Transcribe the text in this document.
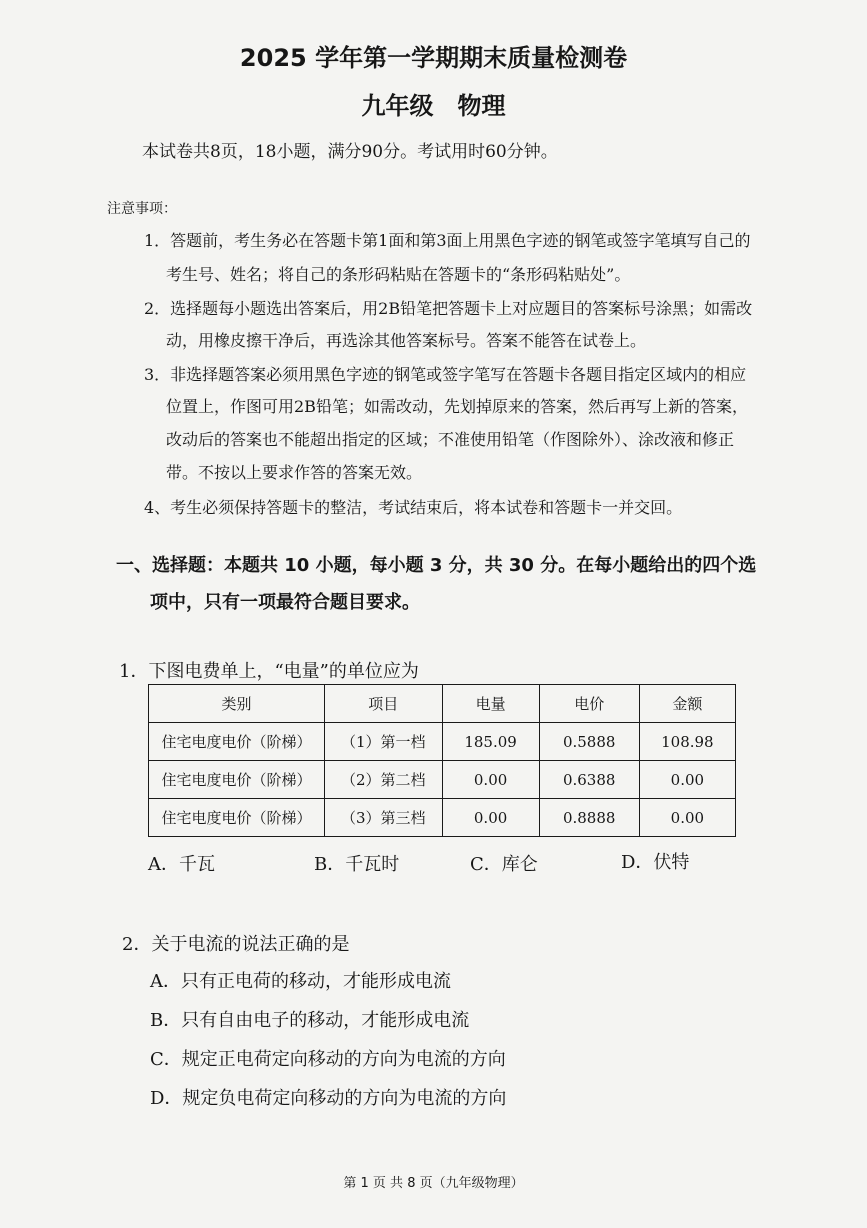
2025 学年第一学期期末质量检测卷
九年级　物理
本试卷共8页，18小题，满分90分。考试用时60分钟。
注意事项：
1．答题前，考生务必在答题卡第1面和第3面上用黑色字迹的钢笔或签字笔填写自己的
考生号、姓名；将自己的条形码粘贴在答题卡的“条形码粘贴处”。
2．选择题每小题选出答案后，用2B铅笔把答题卡上对应题目的答案标号涂黑；如需改
动，用橡皮擦干净后，再选涂其他答案标号。答案不能答在试卷上。
3．非选择题答案必须用黑色字迹的钢笔或签字笔写在答题卡各题目指定区域内的相应
位置上，作图可用2B铅笔；如需改动，先划掉原来的答案，然后再写上新的答案，
改动后的答案也不能超出指定的区域；不准使用铅笔（作图除外）、涂改液和修正
带。不按以上要求作答的答案无效。
4、考生必须保持答题卡的整洁，考试结束后，将本试卷和答题卡一并交回。
一、选择题：本题共 10 小题，每小题 3 分，共 30 分。在每小题给出的四个选
项中，只有一项最符合题目要求。
1．下图电费单上，“电量”的单位应为
类别	项目	电量	电价	金额
住宅电度电价（阶梯）	（1）第一档	185.09	0.5888	108.98
住宅电度电价（阶梯）	（2）第二档	0.00	0.6388	0.00
住宅电度电价（阶梯）	（3）第三档	0.00	0.8888	0.00
A．千瓦	B．千瓦时	C．库仑	D．伏特
2．关于电流的说法正确的是
A．只有正电荷的移动，才能形成电流
B．只有自由电子的移动，才能形成电流
C．规定正电荷定向移动的方向为电流的方向
D．规定负电荷定向移动的方向为电流的方向
第 1 页 共 8 页（九年级物理）
